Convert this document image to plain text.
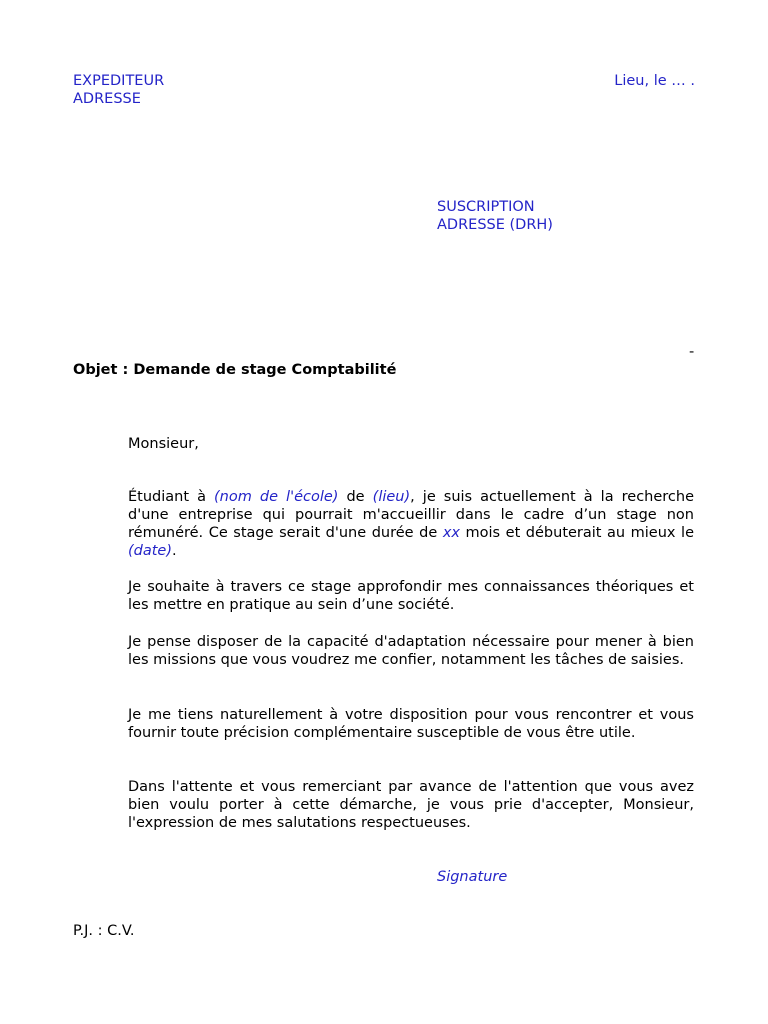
EXPEDITEUR
ADRESSE
Lieu, le … .
SUSCRIPTION
ADRESSE (DRH)
-
Objet : Demande de stage Comptabilité
Monsieur,
Étudiant à (nom de l'école) de (lieu), je suis actuellement à la recherche d'une entreprise qui pourrait m'accueillir dans le cadre d’un stage non rémunéré. Ce stage serait d'une durée de xx mois et débuterait au mieux le (date).
Je souhaite à travers ce stage approfondir mes connaissances théoriques et les mettre en pratique au sein d’une société.
Je pense disposer de la capacité d'adaptation nécessaire pour mener à bien les missions que vous voudrez me confier, notamment les tâches de saisies.
Je me tiens naturellement à votre disposition pour vous rencontrer et vous fournir toute précision complémentaire susceptible de vous être utile.
Dans l'attente et vous remerciant par avance de l'attention que vous avez bien voulu porter à cette démarche, je vous prie d'accepter, Monsieur, l'expression de mes salutations respectueuses.
Signature
P.J. : C.V.
